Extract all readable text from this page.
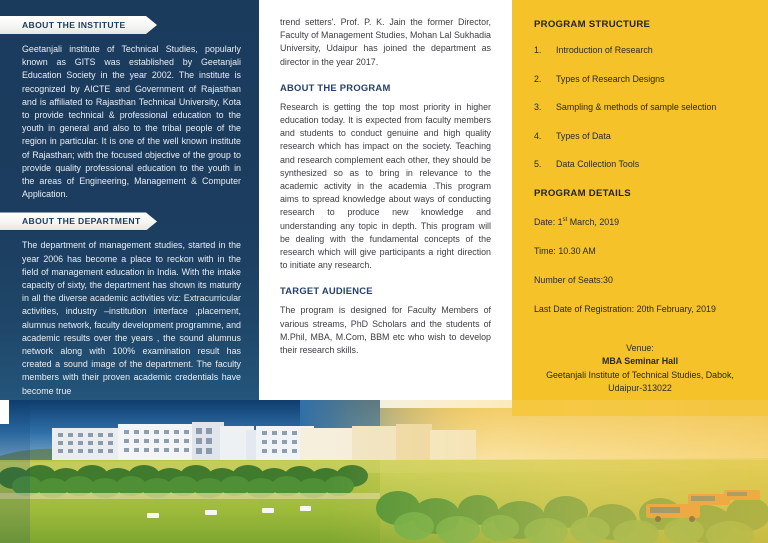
ABOUT THE INSTITUTE
Geetanjali institute of Technical Studies, popularly known as GITS was established by Geetanjali Education Society in the year 2002. The institute is recognized by AICTE and Government of Rajasthan and is affiliated to Rajasthan Technical University, Kota to provide technical & professional education to the youth in general and also to the tribal people of the region in particular. It is one of the well known institute of Rajasthan; with the focused objective of the group to provide quality professional education to the youth in the areas of Engineering, Management & Computer Application.
ABOUT THE DEPARTMENT
The department of management studies, started in the year 2006 has become a place to reckon with in the field of management education in India. With the intake capacity of sixty, the department has shown its maturity in all the diverse academic activities viz: Extracurricular activities, industry –institution interface ,placement, alumnus network, faculty development programme, and academic results over the years , the sound alumnus network along with 100% examination result has created a sound image of the department. The faculty members with their proven academic credentials have become true

trend setters'. Prof. P. K. Jain the former Director, Faculty of Management Studies, Mohan Lal Sukhadia University, Udaipur has joined the department as director in the year 2017.

ABOUT THE PROGRAM

Research is getting the top most priority in higher education today. It is expected from faculty members and students to conduct genuine and high quality research which has impact on the society. Teaching and research complement each other, they should be synthesized so as to bring in relevance to the academic activity in the academia .This program aims to spread knowledge about ways of conducting research to produce new knowledge and understanding any topic in depth. This program will be dealing with the fundamental concepts of the research which will give participants a right direction to initiate any research.

TARGET AUDIENCE

The program is designed for Faculty Members of various streams, PhD Scholars and the students of M.Phil, MBA, M.Com, BBM etc who wish to develop their research skills.

PROGRAM STRUCTURE
1.	Introduction of Research
2.	Types of Research Designs
3.	Sampling & methods of sample selection
4.	Types of Data
5.	Data Collection Tools
PROGRAM DETAILS

Date: 1st March, 2019

Time: 10.30 AM

Number of Seats:30

Last Date of Registration: 20th February, 2019

Venue:
MBA Seminar Hall
Geetanjali Institute of Technical Studies, Dabok,
Udaipur-313022
